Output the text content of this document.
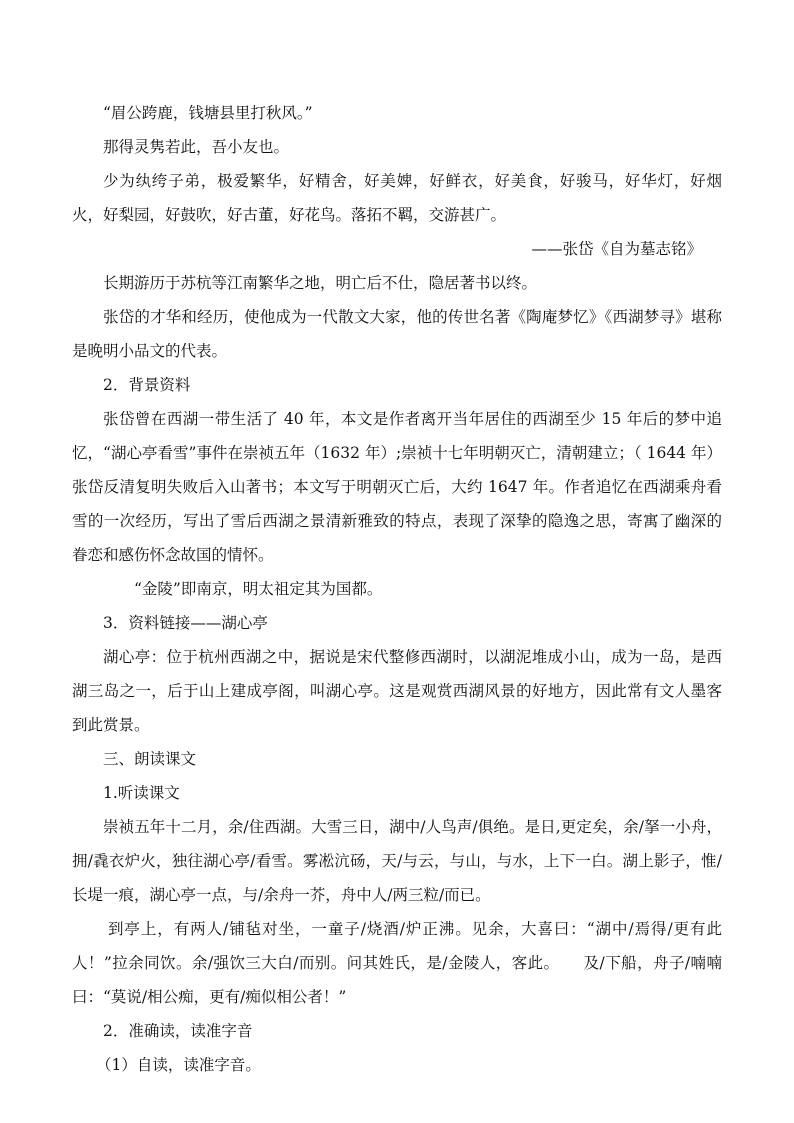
“眉公跨鹿，钱塘县里打秋风。”

那得灵隽若此，吾小友也。

少为纨绔子弟，极爱繁华，好精舍，好美婢，好鲜衣，好美食，好骏马，好华灯，好烟火，好梨园，好鼓吹，好古董，好花鸟。落拓不羁，交游甚广。

——张岱《自为墓志铭》

长期游历于苏杭等江南繁华之地，明亡后不仕，隐居著书以终。

张岱的才华和经历，使他成为一代散文大家，他的传世名著《陶庵梦忆》《西湖梦寻》堪称是晚明小品文的代表。

2．背景资料

张岱曾在西湖一带生活了 40 年，本文是作者离开当年居住的西湖至少 15 年后的梦中追忆，“湖心亭看雪”事件在崇祯五年（1632 年）;崇祯十七年明朝灭亡，清朝建立；（ 1644 年）张岱反清复明失败后入山著书；本文写于明朝灭亡后，大约 1647 年。作者追忆在西湖乘舟看雪的一次经历，写出了雪后西湖之景清新雅致的特点，表现了深挚的隐逸之思，寄寓了幽深的眷恋和感伤怀念故国的情怀。

“金陵”即南京，明太祖定其为国都。

3．资料链接——湖心亭

湖心亭：位于杭州西湖之中，据说是宋代整修西湖时，以湖泥堆成小山，成为一岛，是西湖三岛之一，后于山上建成亭阁，叫湖心亭。这是观赏西湖风景的好地方，因此常有文人墨客到此赏景。

三、朗读课文

1.听读课文

崇祯五年十二月，余/住西湖。大雪三日，湖中/人鸟声/俱绝。是日,更定矣，余/拏一小舟，拥/毳衣炉火，独往湖心亭/看雪。雾凇沆砀，天/与云，与山，与水，上下一白。湖上影子，惟/长堤一痕，湖心亭一点，与/余舟一芥，舟中人/两三粒/而已。

到亭上，有两人/铺毡对坐，一童子/烧酒/炉正沸。见余，大喜曰：“湖中/焉得/更有此人！”拉余同饮。余/强饮三大白/而别。问其姓氏，是/金陵人，客此。　　及/下船，舟子/喃喃曰：“莫说/相公痴，更有/痴似相公者！”

2．准确读，读准字音

（1）自读，读准字音。
